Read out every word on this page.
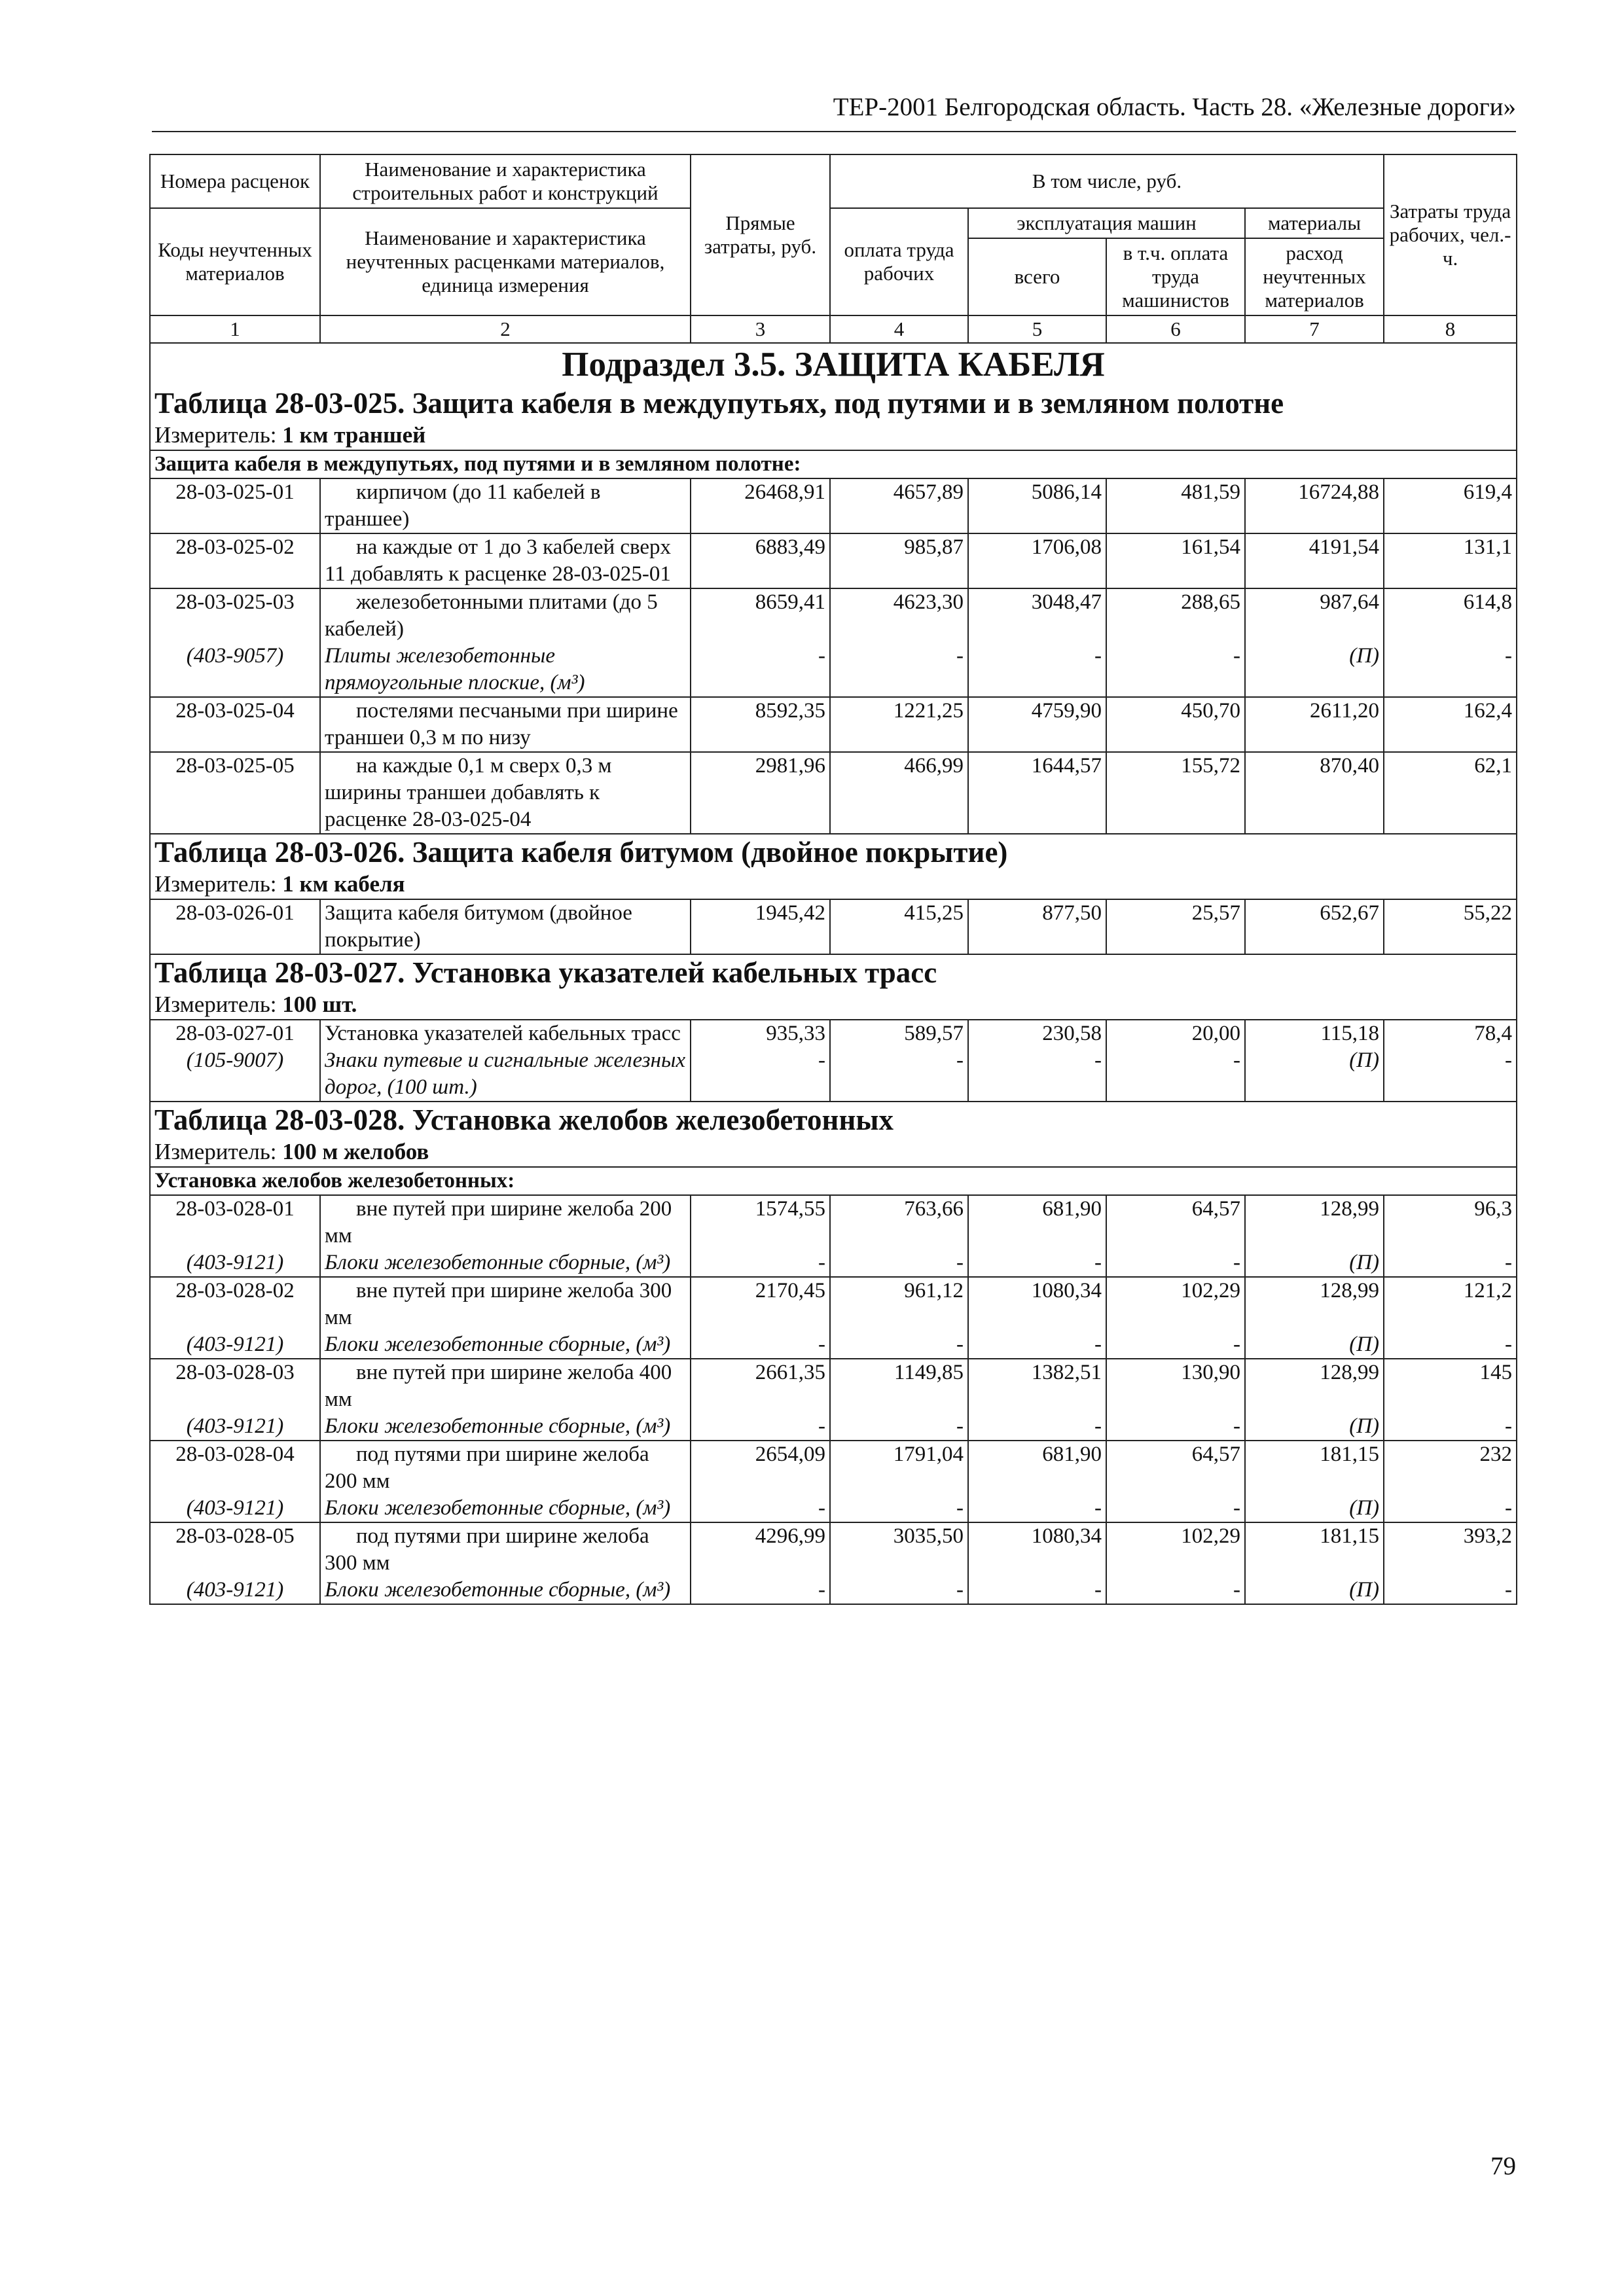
ТЕР-2001 Белгородская область. Часть 28. «Железные дороги»
Номера расценок	Наименование и характеристика строительных работ и конструкций	Прямые затраты, руб.	В том числе, руб.				Затраты труда рабочих, чел.-ч.
Коды неучтенных материалов	Наименование и характеристика неучтенных расценками материалов, единица измерения		оплата труда рабочих	эксплуатация машин		материалы	
				всего	в т.ч. оплата труда машинистов	расход неучтенных материалов	
1	2	3	4	5	6	7	8
Подраздел 3.5. ЗАЩИТА КАБЕЛЯ							
Таблица 28-03-025. Защита кабеля в междупутьях, под путями и в земляном полотне							
Измеритель: 1 км траншей							
Защита кабеля в междупутьях, под путями и в земляном полотне:							
28-03-025-01	кирпичом (до 11 кабелей в траншее)	26468,91	4657,89	5086,14	481,59	16724,88	619,4
28-03-025-02	на каждые от 1 до 3 кабелей сверх 11 добавлять к расценке 28-03-025-01	6883,49	985,87	1706,08	161,54	4191,54	131,1
28-03-025-03	железобетонными плитами (до 5 кабелей)	8659,41	4623,30	3048,47	288,65	987,64	614,8
(403-9057)	Плиты железобетонные прямоугольные плоские, (м³)	-	-	-	-	(П)	-
28-03-025-04	постелями песчаными при ширине траншеи 0,3 м по низу	8592,35	1221,25	4759,90	450,70	2611,20	162,4
28-03-025-05	на каждые 0,1 м сверх 0,3 м ширины траншеи добавлять к расценке 28-03-025-04	2981,96	466,99	1644,57	155,72	870,40	62,1
Таблица 28-03-026. Защита кабеля битумом (двойное покрытие)							
Измеритель: 1 км кабеля							
28-03-026-01	Защита кабеля битумом (двойное покрытие)	1945,42	415,25	877,50	25,57	652,67	55,22
Таблица 28-03-027. Установка указателей кабельных трасс							
Измеритель: 100 шт.							
28-03-027-01	Установка указателей кабельных трасс	935,33	589,57	230,58	20,00	115,18	78,4
(105-9007)	Знаки путевые и сигнальные железных дорог, (100 шт.)	-	-	-	-	(П)	-
Таблица 28-03-028. Установка желобов железобетонных							
Измеритель: 100 м желобов							
Установка желобов железобетонных:							
28-03-028-01	вне путей при ширине желоба 200 мм	1574,55	763,66	681,90	64,57	128,99	96,3
(403-9121)	Блоки железобетонные сборные, (м³)	-	-	-	-	(П)	-
28-03-028-02	вне путей при ширине желоба 300 мм	2170,45	961,12	1080,34	102,29	128,99	121,2
(403-9121)	Блоки железобетонные сборные, (м³)	-	-	-	-	(П)	-
28-03-028-03	вне путей при ширине желоба 400 мм	2661,35	1149,85	1382,51	130,90	128,99	145
(403-9121)	Блоки железобетонные сборные, (м³)	-	-	-	-	(П)	-
28-03-028-04	под путями при ширине желоба 200 мм	2654,09	1791,04	681,90	64,57	181,15	232
(403-9121)	Блоки железобетонные сборные, (м³)	-	-	-	-	(П)	-
28-03-028-05	под путями при ширине желоба 300 мм	4296,99	3035,50	1080,34	102,29	181,15	393,2
(403-9121)	Блоки железобетонные сборные, (м³)	-	-	-	-	(П)	-
79
